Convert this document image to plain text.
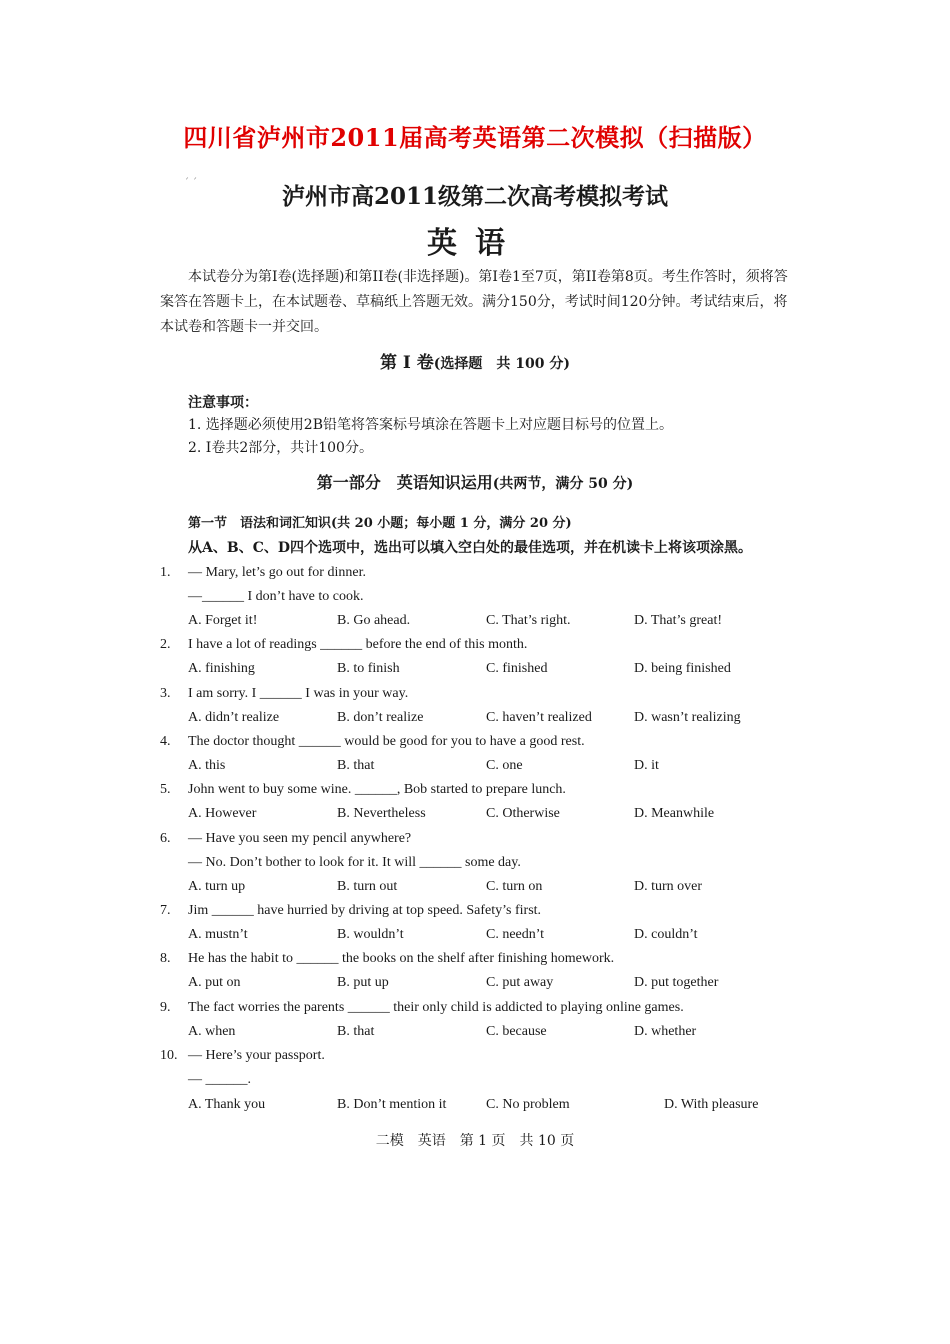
´ ´
四川省泸州市2011届高考英语第二次模拟（扫描版）
泸州市高2011级第二次高考模拟考试
英语
本试卷分为第I卷(选择题)和第II卷(非选择题)。第I卷1至7页，第II卷第8页。考生作答时，须将答案答在答题卡上，在本试题卷、草稿纸上答题无效。满分150分，考试时间120分钟。考试结束后，将本试卷和答题卡一并交回。
第 I 卷(选择题　共 100 分)
注意事项：
1. 选择题必须使用2B铅笔将答案标号填涂在答题卡上对应题目标号的位置上。
2. I卷共2部分，共计100分。
第一部分　英语知识运用(共两节，满分 50 分)
第一节　语法和词汇知识(共 20 小题；每小题 1 分，满分 20 分)
从A、B、C、D四个选项中，选出可以填入空白处的最佳选项，并在机读卡上将该项涂黑。
1. — Mary, let’s go out for dinner.
—______ I don’t have to cook.
A. Forget it!	B. Go ahead.	C. That’s right.	D. That’s great!
2. I have a lot of readings ______ before the end of this month.
A. finishing	B. to finish	C. finished	D. being finished
3. I am sorry. I ______ I was in your way.
A. didn’t realize	B. don’t realize	C. haven’t realized	D. wasn’t realizing
4. The doctor thought ______ would be good for you to have a good rest.
A. this	B. that	C. one	D. it
5. John went to buy some wine. ______, Bob started to prepare lunch.
A. However	B. Nevertheless	C. Otherwise	D. Meanwhile
6. — Have you seen my pencil anywhere?
— No. Don’t bother to look for it. It will ______ some day.
A. turn up	B. turn out	C. turn on	D. turn over
7. Jim ______ have hurried by driving at top speed. Safety’s first.
A. mustn’t	B. wouldn’t	C. needn’t	D. couldn’t
8. He has the habit to ______ the books on the shelf after finishing homework.
A. put on	B. put up	C. put away	D. put together
9. The fact worries the parents ______ their only child is addicted to playing online games.
A. when	B. that	C. because	D. whether
10. — Here’s your passport.
— ______.
A. Thank you	B. Don’t mention it	C. No problem	D. With pleasure
二模　英语　第 1 页　共 10 页
